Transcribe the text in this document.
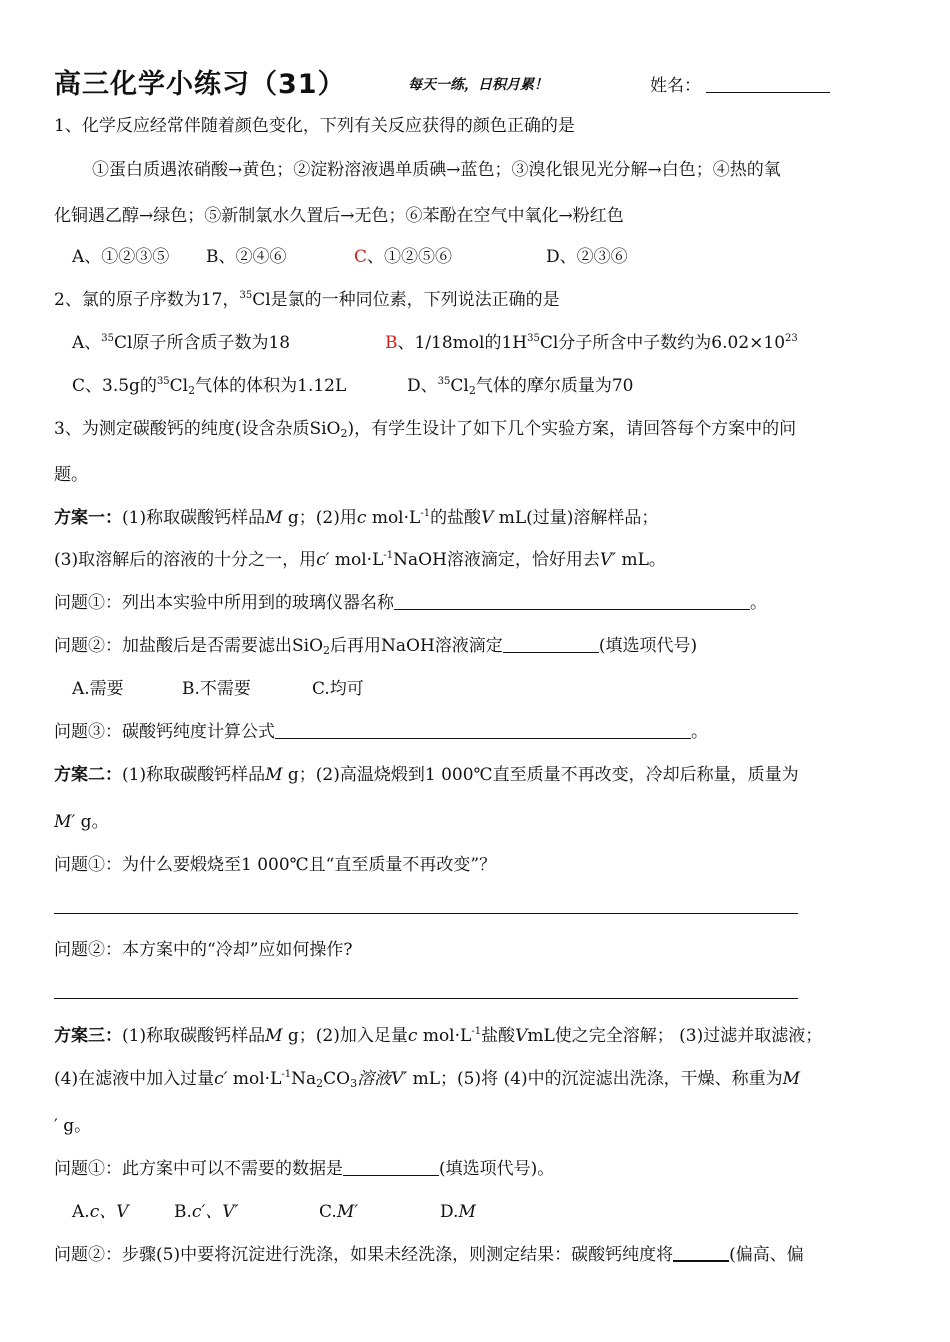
高三化学小练习（31）	每天一练，日积月累！	姓名：
1、化学反应经常伴随着颜色变化，下列有关反应获得的颜色正确的是
①蛋白质遇浓硝酸→黄色；②淀粉溶液遇单质碘→蓝色；③溴化银见光分解→白色；④热的氧
化铜遇乙醇→绿色；⑤新制氯水久置后→无色；⑥苯酚在空气中氧化→粉红色
A、①②③⑤ B、②④⑥	C、①②⑤⑥	D、②③⑥
2、氯的原子序数为17，$^{35}$Cl是氯的一种同位素，下列说法正确的是
A、$^{35}$Cl原子所含质子数为18	B、1/18mol的$1H^{35}Cl$分子所含中子数约为$6.02\times 10^{23}$
C、3.5g的$^{35}Cl_2$气体的体积为1.12L	D、$^{35}Cl_2$气体的摩尔质量为70
3、为测定碳酸钙的纯度(设含杂质SiO$_2$)，有学生设计了如下几个实验方案，请回答每个方案中的问
题。
方案一：(1)称取碳酸钙样品M g；(2)用c $mol\cdot L^{-1}$的盐酸V mL(过量)溶解样品；
(3)取溶解后的溶液的十分之一，用c′ $mol\cdot L^{-1}NaOH$溶液滴定，恰好用去V′ mL。
问题①：列出本实验中所用到的玻璃仪器名称	。
问题②：加盐酸后是否需要滤出SiO$_2$后再用NaOH溶液滴定	(填选项代号)
A.需要	B.不需要	C.均可
问题③：碳酸钙纯度计算公式	。
方案二：(1)称取碳酸钙样品M g；(2)高温烧煅到1 000℃直至质量不再改变，冷却后称量，质量为
M′ g。
问题①：为什么要煅烧至1 000℃且“直至质量不再改变”？
问题②：本方案中的“冷却”应如何操作?
方案三：(1)称取碳酸钙样品M g；(2)加入足量c $mol\cdot L^{-1}$盐酸VmL使之完全溶解； (3)过滤并取滤液；
(4)在滤液中加入过量c′ $mol\cdot L^{-1}Na_2CO_3$溶液V′ mL；(5)将 (4)中的沉淀滤出洗涤，干燥、称重为M
′ g。
问题①：此方案中可以不需要的数据是	(填选项代号)。
A.c、V	B.c′、V′	C.M′	D.M
问题②：步骤(5)中要将沉淀进行洗涤，如果未经洗涤，则测定结果：碳酸钙纯度将	(偏高、偏
